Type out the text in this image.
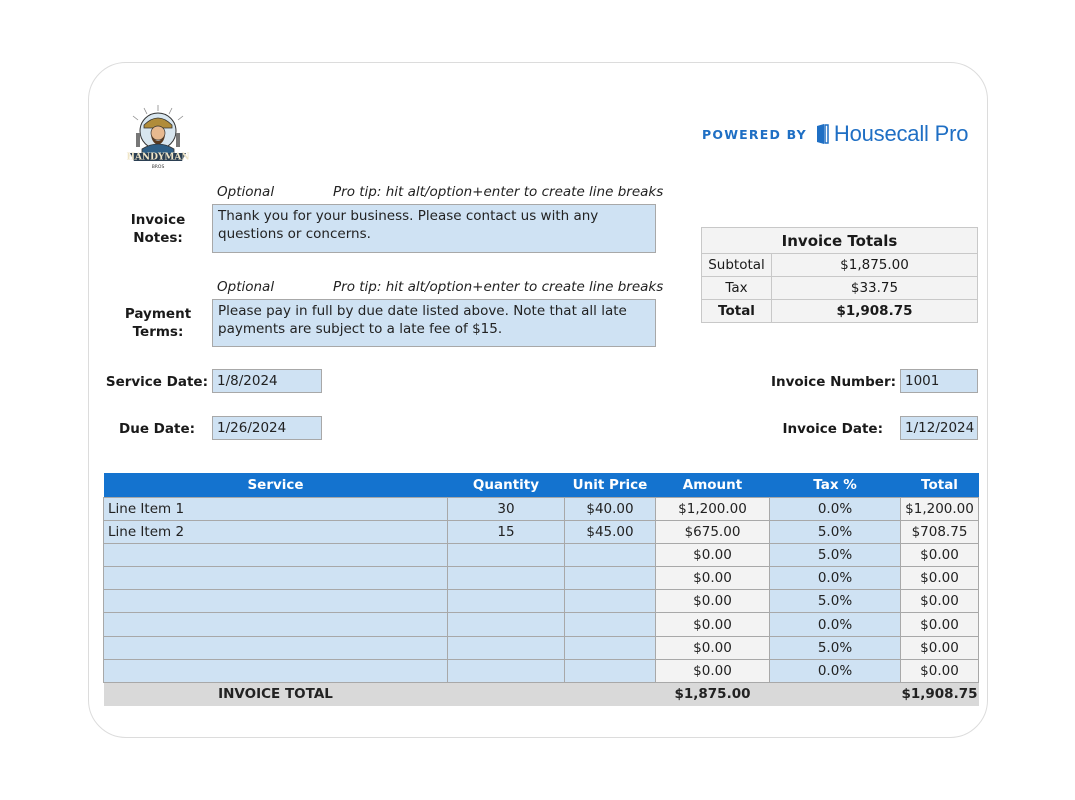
HANDYMAN
BROS
POWERED BY Housecall Pro
Optional	Pro tip: hit alt/option+enter to create line breaks
Invoice
Notes:
Thank you for your business. Please contact us with any
questions or concerns.
Optional	Pro tip: hit alt/option+enter to create line breaks
Payment
Terms:
Please pay in full by due date listed above. Note that all late
payments are subject to a late fee of $15.
Invoice Totals	
Subtotal	$1,875.00
Tax	$33.75
Total	$1,908.75
Service Date: 1/8/2024
Due Date:	1/26/2024
Invoice Number: 1001
Invoice Date:	1/12/2024
Service	Quantity	Unit Price	Amount	Tax %	Total
Line Item 1	30	$40.00	$1,200.00	0.0%	$1,200.00
Line Item 2	15	$45.00	$675.00	5.0%	$708.75
			$0.00	5.0%	$0.00
			$0.00	0.0%	$0.00
			$0.00	5.0%	$0.00
			$0.00	0.0%	$0.00
			$0.00	5.0%	$0.00
			$0.00	0.0%	$0.00
INVOICE TOTAL			$1,875.00		$1,908.75
